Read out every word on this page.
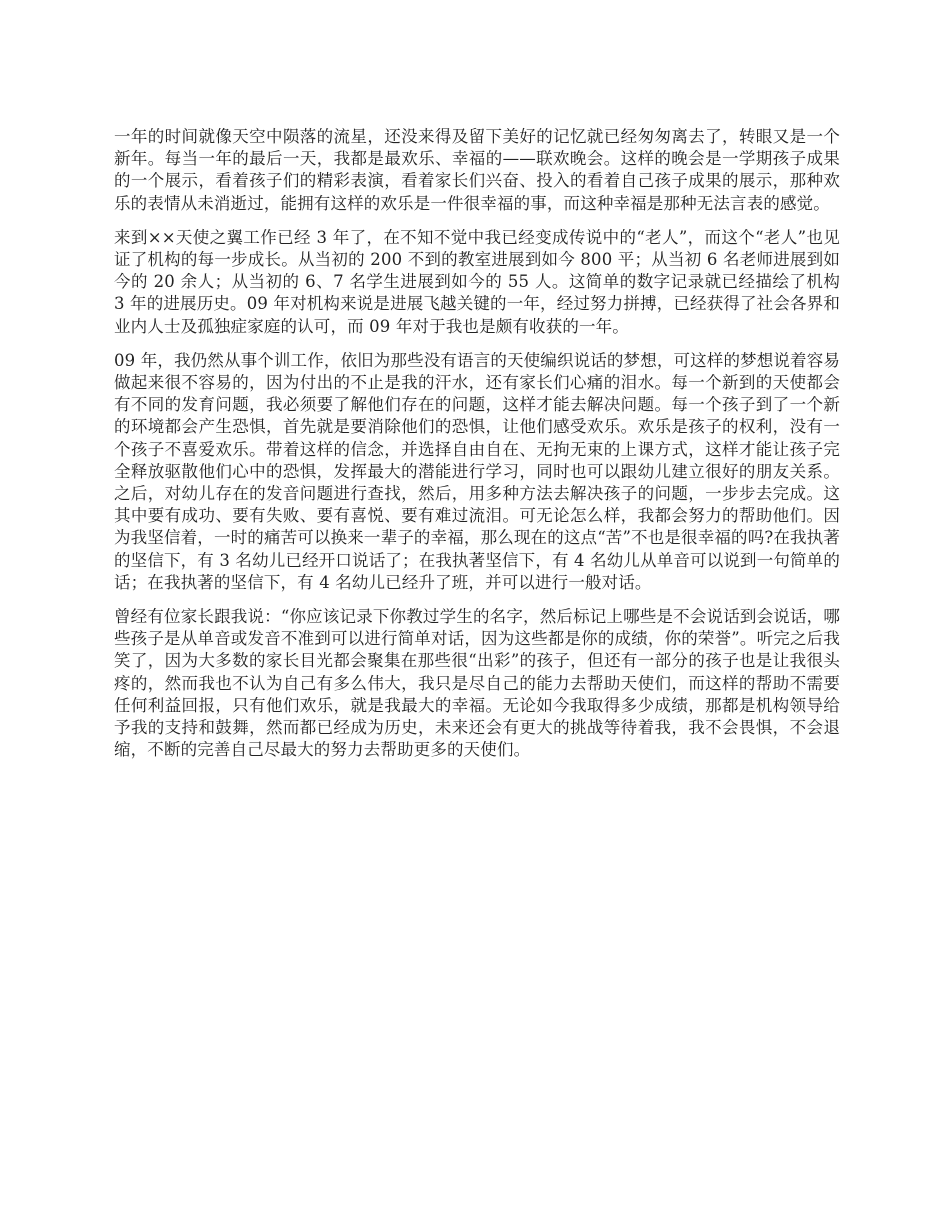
一年的时间就像天空中陨落的流星，还没来得及留下美好的记忆就已经匆匆离去了，转眼又是一个新年。每当一年的最后一天，我都是最欢乐、幸福的——联欢晚会。这样的晚会是一学期孩子成果的一个展示，看着孩子们的精彩表演，看着家长们兴奋、投入的看着自己孩子成果的展示，那种欢乐的表情从未消逝过，能拥有这样的欢乐是一件很幸福的事，而这种幸福是那种无法言表的感觉。

来到××天使之翼工作已经 3 年了，在不知不觉中我已经变成传说中的“老人”，而这个“老人”也见证了机构的每一步成长。从当初的 200 不到的教室进展到如今 800 平；从当初 6 名老师进展到如今的 20 余人；从当初的 6、7 名学生进展到如今的 55 人。这简单的数字记录就已经描绘了机构 3 年的进展历史。09 年对机构来说是进展飞越关键的一年，经过努力拼搏，已经获得了社会各界和业内人士及孤独症家庭的认可，而 09 年对于我也是颇有收获的一年。

09 年，我仍然从事个训工作，依旧为那些没有语言的天使编织说话的梦想，可这样的梦想说着容易做起来很不容易的，因为付出的不止是我的汗水，还有家长们心痛的泪水。每一个新到的天使都会有不同的发育问题，我必须要了解他们存在的问题，这样才能去解决问题。每一个孩子到了一个新的环境都会产生恐惧，首先就是要消除他们的恐惧，让他们感受欢乐。欢乐是孩子的权利，没有一个孩子不喜爱欢乐。带着这样的信念，并选择自由自在、无拘无束的上课方式，这样才能让孩子完全释放驱散他们心中的恐惧，发挥最大的潜能进行学习，同时也可以跟幼儿建立很好的朋友关系。之后，对幼儿存在的发音问题进行查找，然后，用多种方法去解决孩子的问题，一步步去完成。这其中要有成功、要有失败、要有喜悦、要有难过流泪。可无论怎么样，我都会努力的帮助他们。因为我坚信着，一时的痛苦可以换来一辈子的幸福，那么现在的这点“苦”不也是很幸福的吗?在我执著的坚信下，有 3 名幼儿已经开口说话了；在我执著坚信下，有 4 名幼儿从单音可以说到一句简单的话；在我执著的坚信下，有 4 名幼儿已经升了班，并可以进行一般对话。

曾经有位家长跟我说：“你应该记录下你教过学生的名字，然后标记上哪些是不会说话到会说话，哪些孩子是从单音或发音不准到可以进行简单对话，因为这些都是你的成绩，你的荣誉”。听完之后我笑了，因为大多数的家长目光都会聚集在那些很“出彩”的孩子，但还有一部分的孩子也是让我很头疼的，然而我也不认为自己有多么伟大，我只是尽自己的能力去帮助天使们，而这样的帮助不需要任何利益回报，只有他们欢乐，就是我最大的幸福。无论如今我取得多少成绩，那都是机构领导给予我的支持和鼓舞，然而都已经成为历史，未来还会有更大的挑战等待着我，我不会畏惧，不会退缩，不断的完善自己尽最大的努力去帮助更多的天使们。
